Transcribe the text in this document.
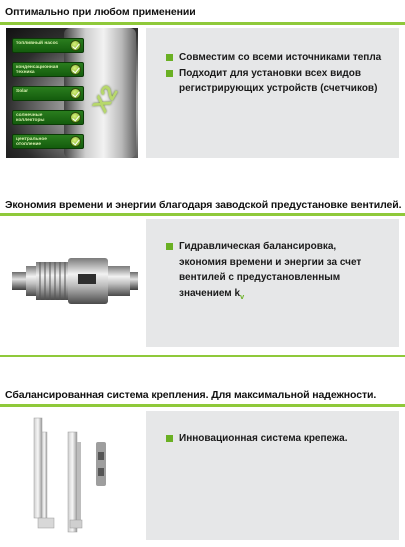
Оптимально при любом применении
X2
топливный насос
конденсационная техника
Solar
солнечные коллекторы
центральное отопление
Совместим со всеми источниками тепла
Подходит для установки всех видов регистрирующих устройств (счетчиков)
Экономия времени и энергии благодаря заводской предустановке вентилей.
Гидравлическая балансировка, экономия времени и энергии за счет вентилей с предустановленным значением $k_v$
Сбалансированная система крепления. Для максимальной надежности.
Инновационная система крепежа.
